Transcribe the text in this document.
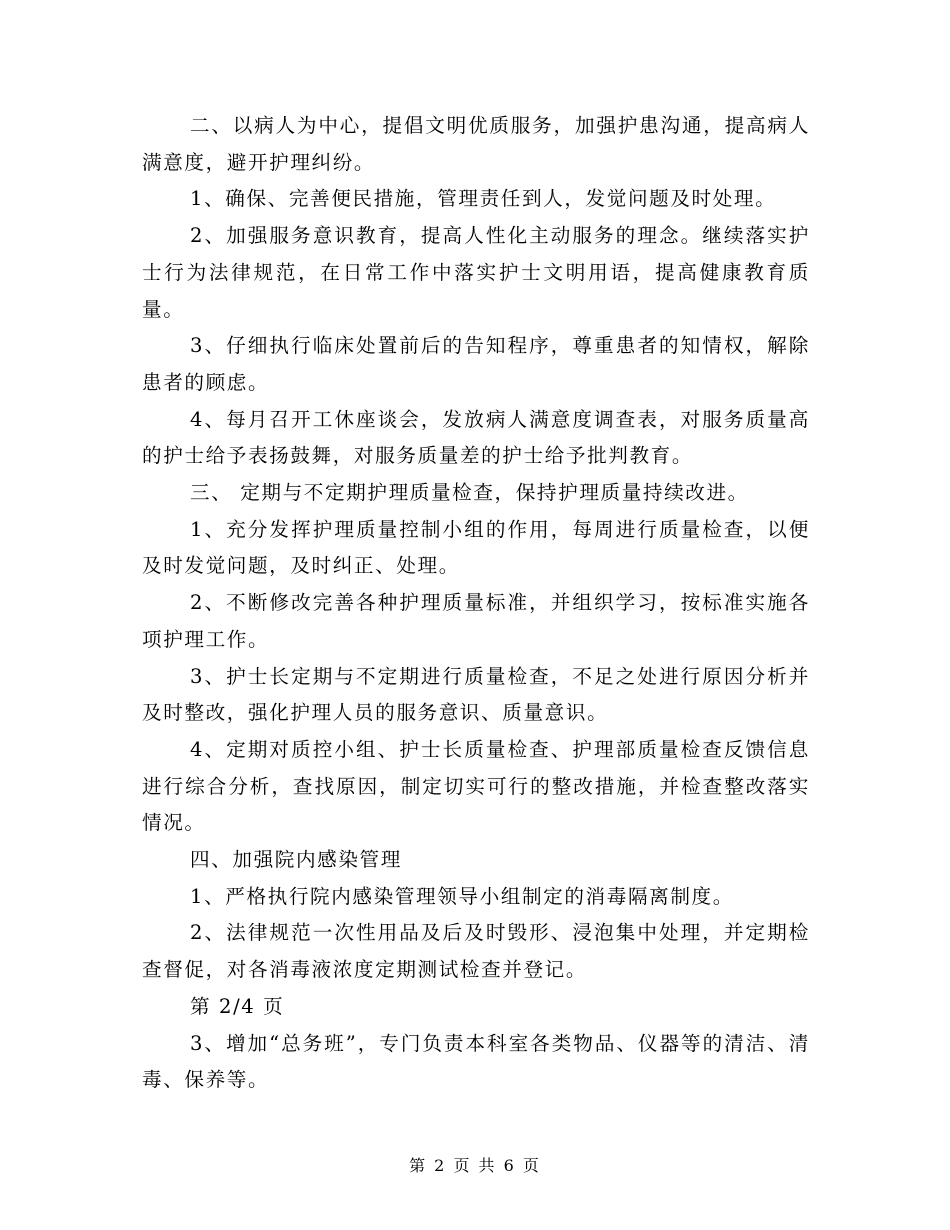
二、以病人为中心，提倡文明优质服务，加强护患沟通，提高病人满意度，避开护理纠纷。

1、确保、完善便民措施，管理责任到人，发觉问题及时处理。

2、加强服务意识教育，提高人性化主动服务的理念。继续落实护士行为法律规范，在日常工作中落实护士文明用语，提高健康教育质量。

3、仔细执行临床处置前后的告知程序，尊重患者的知情权，解除患者的顾虑。

4、每月召开工休座谈会，发放病人满意度调查表，对服务质量高的护士给予表扬鼓舞，对服务质量差的护士给予批判教育。

三、 定期与不定期护理质量检查，保持护理质量持续改进。

1、充分发挥护理质量控制小组的作用，每周进行质量检查，以便及时发觉问题，及时纠正、处理。

2、不断修改完善各种护理质量标准，并组织学习，按标准实施各项护理工作。

3、护士长定期与不定期进行质量检查，不足之处进行原因分析并及时整改，强化护理人员的服务意识、质量意识。

4、定期对质控小组、护士长质量检查、护理部质量检查反馈信息进行综合分析，查找原因，制定切实可行的整改措施，并检查整改落实情况。

四、加强院内感染管理

1、严格执行院内感染管理领导小组制定的消毒隔离制度。

2、法律规范一次性用品及后及时毁形、浸泡集中处理，并定期检查督促，对各消毒液浓度定期测试检查并登记。

第 2/4 页

3、增加“总务班”，专门负责本科室各类物品、仪器等的清洁、清毒、保养等。

第 2 页 共 6 页
